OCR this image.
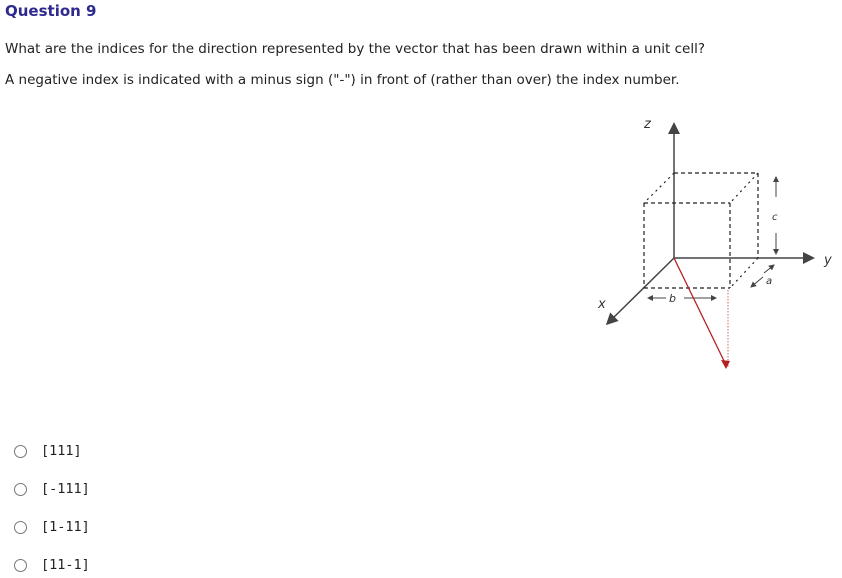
Question 9
What are the indices for the direction represented by the vector that has been drawn within a unit cell?
A negative index is indicated with a minus sign ("-") in front of (rather than over) the index number.
z
y
x
c
a
b
[111]
[-111]
[1-11]
[11-1]
